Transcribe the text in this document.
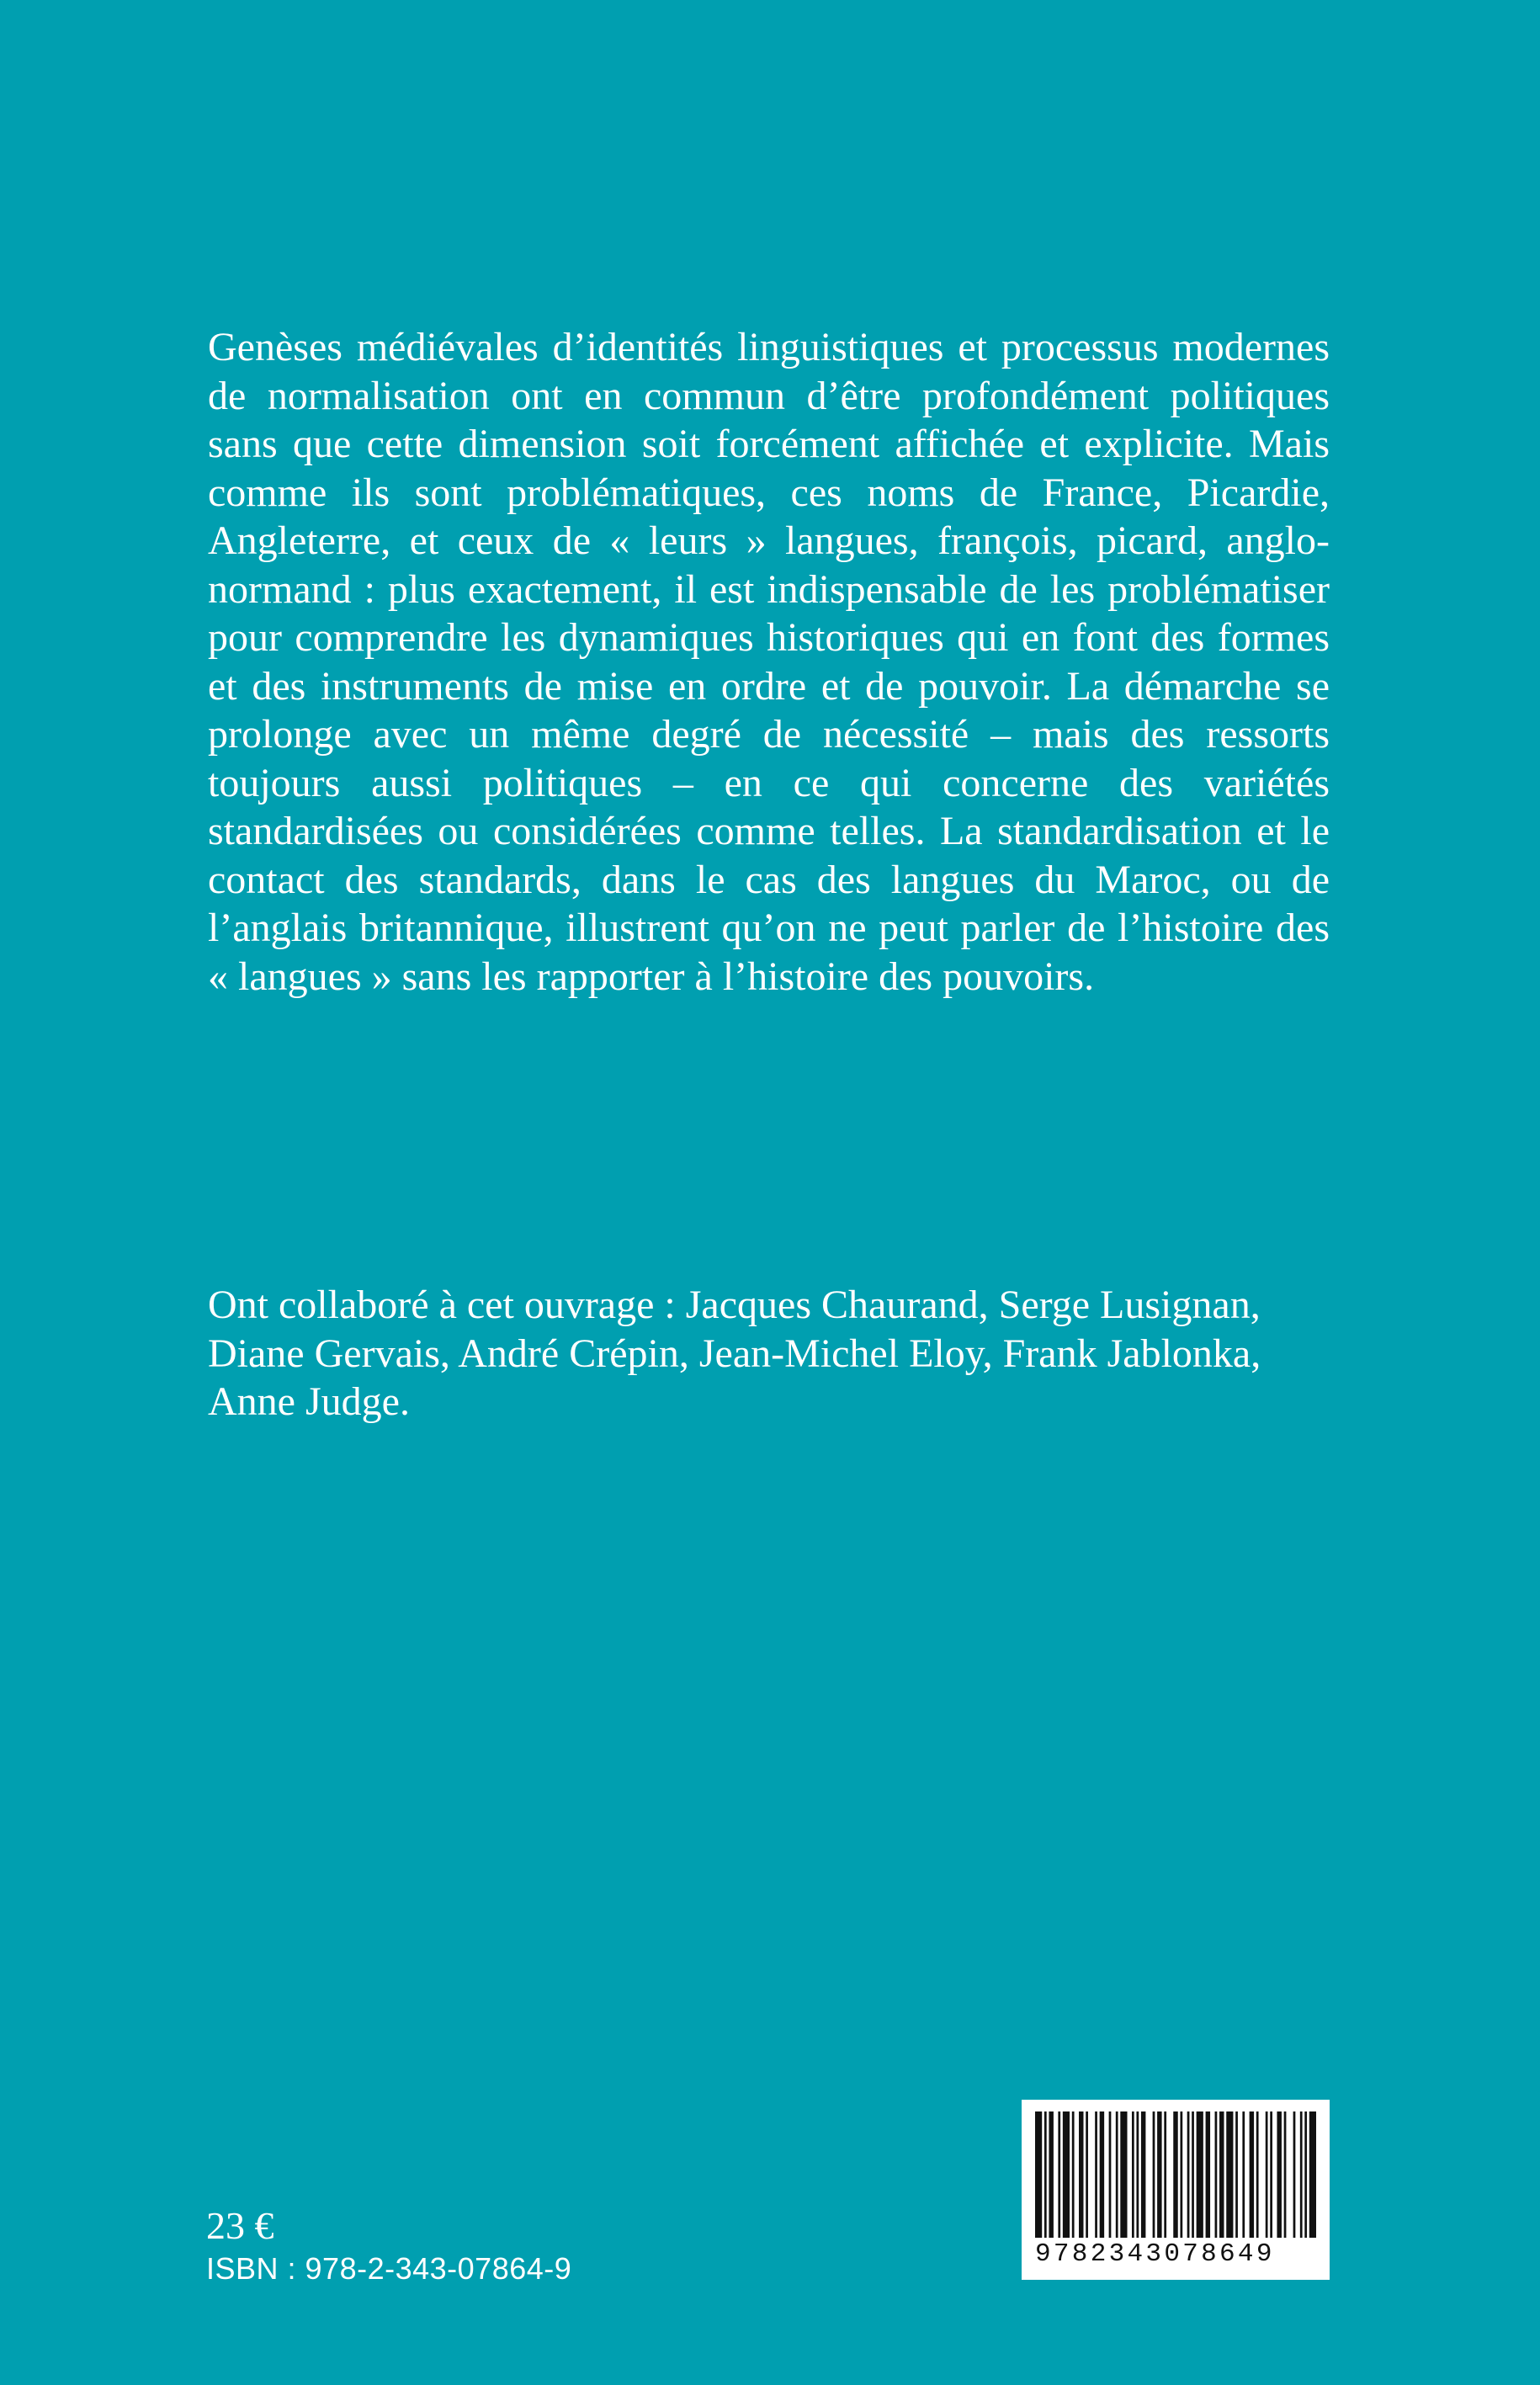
Genèses médiévales d’identités linguistiques et processus modernes de normalisation ont en commun d’être profondément politiques sans que cette dimension soit forcément affichée et explicite. Mais comme ils sont problématiques, ces noms de France, Picardie, Angleterre, et ceux de « leurs » langues, françois, picard, anglonormand : plus exactement, il est indispensable de les problématiser pour comprendre les dynamiques historiques qui en font des formes et des instruments de mise en ordre et de pouvoir. La démarche se prolonge avec un même degré de nécessité – mais des ressorts toujours aussi politiques – en ce qui concerne des variétés standardisées ou considérées comme telles. La standardisation et le contact des standards, dans le cas des langues du Maroc, ou de l’anglais britannique, illustrent qu’on ne peut parler de l’histoire des « langues » sans les rapporter à l’histoire des pouvoirs.

Ont collaboré à cet ouvrage : Jacques Chaurand, Serge Lusignan, Diane Gervais, André Crépin, Jean-Michel Eloy, Frank Jablonka, Anne Judge.

23 €

ISBN : 978-2-343-07864-9	9782343078649
